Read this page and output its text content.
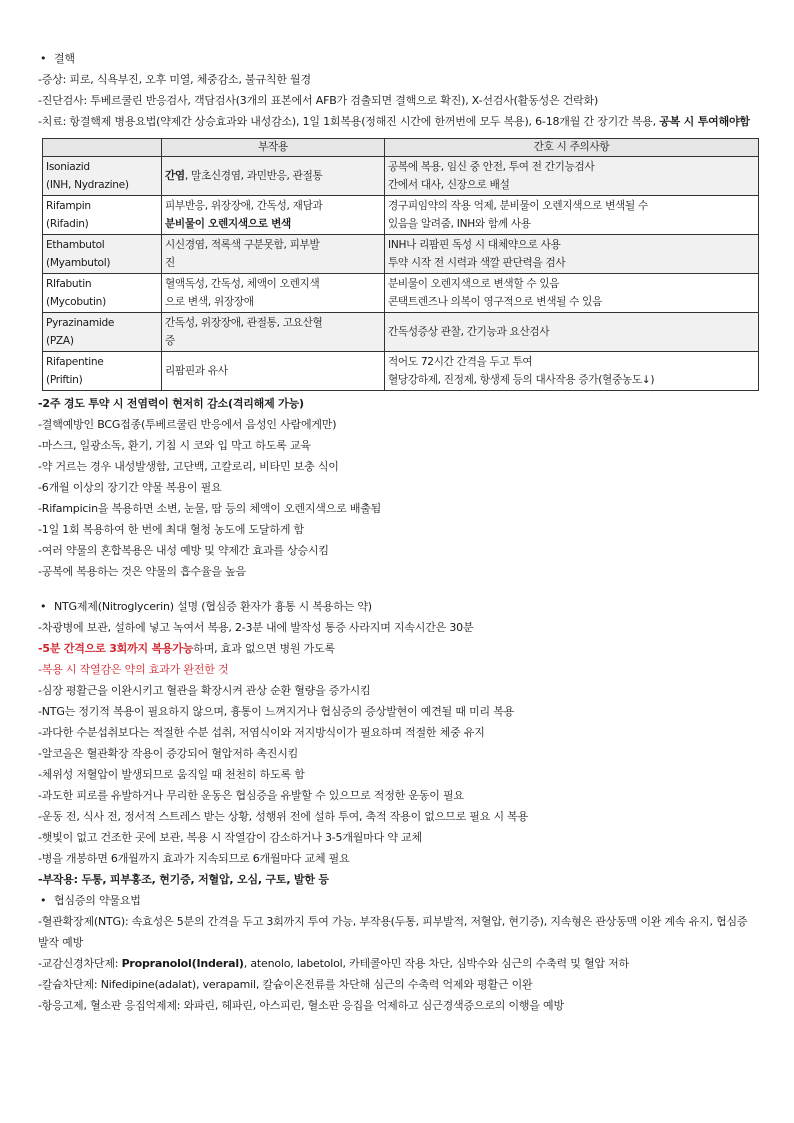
• 결핵
-증상: 피로, 식욕부진, 오후 미열, 체중감소, 불규칙한 월경
-진단검사: 투베르쿨린 반응검사, 객담검사(3개의 표본에서 AFB가 검출되면 결핵으로 확진), X-선검사(활동성은 건락화)
-치료: 항결핵제 병용요법(약제간 상승효과와 내성감소), 1일 1회복용(정해진 시간에 한꺼번에 모두 복용), 6-18개월 간 장기간 복용, 공복 시 투여해야함
	부작용	간호 시 주의사항

Isoniazid
(INH, Nydrazine)	간염, 말초신경염, 과민반응, 관절통	공복에 복용, 임신 중 안전, 투여 전 간기능검사
간에서 대사, 신장으로 배설

Rifampin
(Rifadin)	피부반응, 위장장애, 간독성, 재담과
분비물이 오렌지색으로 변색	경구피임약의 작용 억제, 분비물이 오렌지색으로 변색될 수
있음을 알려줌, INH와 함께 사용

Ethambutol
(Myambutol)	시신경염, 적록색 구분못함, 피부발
진	INH나 리팜핀 독성 시 대체약으로 사용
투약 시작 전 시력과 색깔 판단력을 검사

RIfabutin
(Mycobutin)	혈액독성, 간독성, 체액이 오렌지색
으로 변색, 위장장애	분비물이 오렌지색으로 변색할 수 있음
콘택트렌즈나 의복이 영구적으로 변색될 수 있음

Pyrazinamide
(PZA)	간독성, 위장장애, 관절통, 고요산혈
증	간독성증상 관찰, 간기능과 요산검사

Rifapentine
(Priftin)	리팜핀과 유사	적어도 72시간 간격을 두고 투여
혈당강하제, 진정제, 항생제 등의 대사작용 증가(혈중농도↓)
-2주 경도 투약 시 전염력이 현저히 감소(격리해제 가능)
-결핵예방인 BCG접종(투베르쿨린 반응에서 음성인 사람에게만)
-마스크, 일광소독, 환기, 기침 시 코와 입 막고 하도록 교육
-약 거르는 경우 내성발생함, 고단백, 고칼로리, 비타민 보충 식이
-6개월 이상의 장기간 약물 복용이 필요
-Rifampicin을 복용하면 소변, 눈물, 땀 등의 체액이 오렌지색으로 배출됨
-1일 1회 복용하여 한 번에 최대 혈청 농도에 도달하게 함
-여러 약물의 혼합복용은 내성 예방 및 약제간 효과를 상승시킴
-공복에 복용하는 것은 약물의 흡수율을 높음
• NTG제제(Nitroglycerin) 설명 (협심증 환자가 흉통 시 복용하는 약)
-차광병에 보관, 설하에 넣고 녹여서 복용, 2-3분 내에 발작성 통증 사라지며 지속시간은 30분
-5분 간격으로 3회까지 복용가능하며, 효과 없으면 병원 가도록
-복용 시 작열감은 약의 효과가 완전한 것
-심장 평활근을 이완시키고 혈관을 확장시켜 관상 순환 혈량을 증가시킴
-NTG는 정기적 복용이 필요하지 않으며, 흉통이 느껴지거나 협심증의 증상발현이 예견될 때 미리 복용
-과다한 수분섭취보다는 적절한 수분 섭취, 저염식이와 저지방식이가 필요하며 적절한 체중 유지
-알코올은 혈관확장 작용이 증강되어 혈압저하 촉진시킴
-체위성 저혈압이 발생되므로 움직일 때 천천히 하도록 함
-과도한 피로를 유발하거나 무리한 운동은 협심증을 유발할 수 있으므로 적정한 운동이 필요
-운동 전, 식사 전, 정서적 스트레스 받는 상황, 성행위 전에 설하 투여, 축적 작용이 없으므로 필요 시 복용
-햇빛이 없고 건조한 곳에 보관, 복용 시 작열감이 감소하거나 3-5개월마다 약 교체
-병을 개봉하면 6개월까지 효과가 지속되므로 6개월마다 교체 필요
-부작용: 두통, 피부홍조, 현기증, 저혈압, 오심, 구토, 발한 등
• 협심증의 약물요법
-혈관확장제(NTG): 속효성은 5분의 간격을 두고 3회까지 투여 가능, 부작용(두통, 피부발적, 저혈압, 현기증), 지속형은 관상동맥 이완 계속 유지, 협심증 발작 예방
-교감신경차단제: Propranolol(Inderal), atenolo, labetolol, 카테콜아민 작용 차단, 심박수와 심근의 수축력 및 혈압 저하
-칼슘차단제: Nifedipine(adalat), verapamil, 칼슘이온전류를 차단해 심근의 수축력 억제와 평활근 이완
-항응고제, 혈소판 응집억제제: 와파린, 헤파린, 아스피린, 혈소판 응집을 억제하고 심근경색증으로의 이행을 예방
